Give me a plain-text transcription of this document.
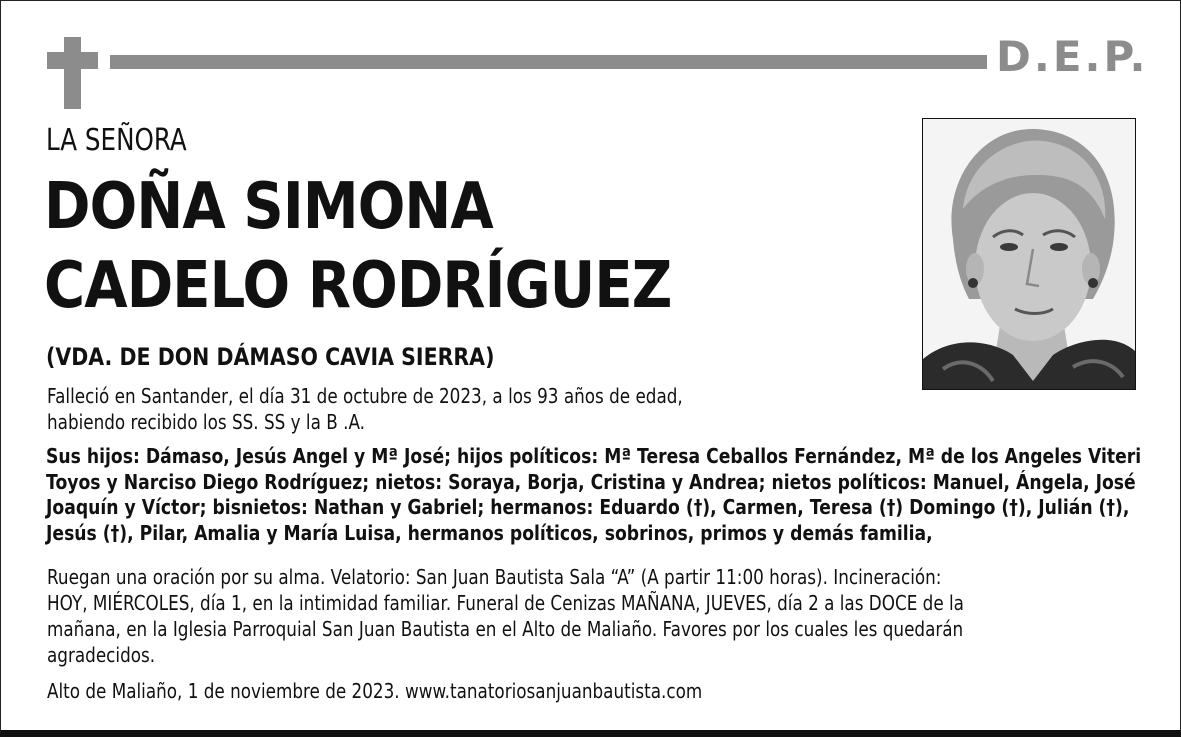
D.E.P.
LA SEÑORA
DOÑA SIMONA
CADELO RODRÍGUEZ
(VDA. DE DON DÁMASO CAVIA SIERRA)
Falleció en Santander, el día 31 de octubre de 2023, a los 93 años de edad,
habiendo recibido los SS. SS y la B .A.
Sus hijos: Dámaso, Jesús Angel y Mª José; hijos políticos: Mª Teresa Ceballos Fernández, Mª de los Angeles Viteri
Toyos y Narciso Diego Rodríguez; nietos: Soraya, Borja, Cristina y Andrea; nietos políticos: Manuel, Ángela, José
Joaquín y Víctor; bisnietos: Nathan y Gabriel; hermanos: Eduardo (†), Carmen, Teresa (†) Domingo (†), Julián (†),
Jesús (†), Pilar, Amalia y María Luisa, hermanos políticos, sobrinos, primos y demás familia,
Ruegan una oración por su alma. Velatorio: San Juan Bautista Sala “A” (A partir 11:00 horas). Incineración:
HOY, MIÉRCOLES, día 1, en la intimidad familiar. Funeral de Cenizas MAÑANA, JUEVES, día 2 a las DOCE de la
mañana, en la Iglesia Parroquial San Juan Bautista en el Alto de Maliaño. Favores por los cuales les quedarán
agradecidos.
Alto de Maliaño, 1 de noviembre de 2023. www.tanatoriosanjuanbautista.com
